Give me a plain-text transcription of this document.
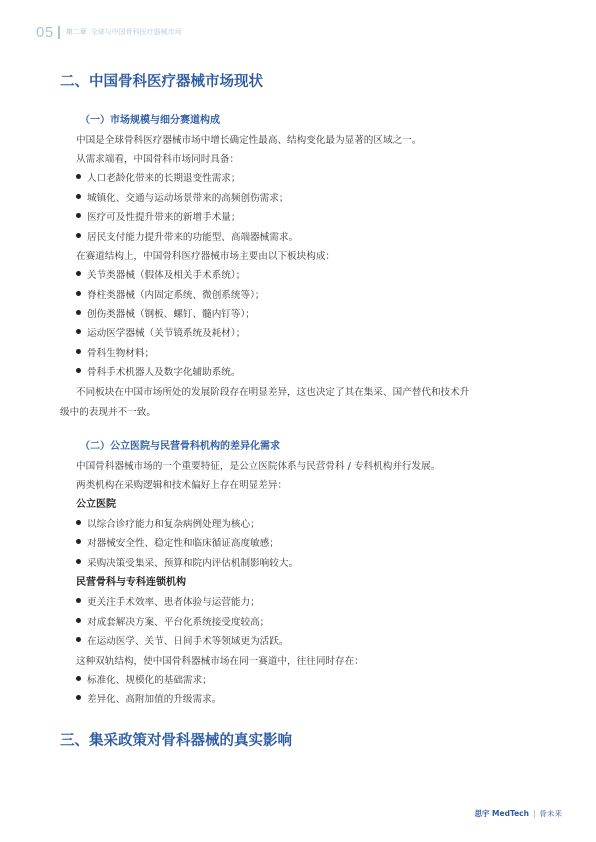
05 第二章 全球与中国骨科医疗器械市场
二、中国骨科医疗器械市场现状
（一）市场规模与细分赛道构成
中国是全球骨科医疗器械市场中增长确定性最高、结构变化最为显著的区域之一。
从需求端看，中国骨科市场同时具备：
人口老龄化带来的长期退变性需求；
城镇化、交通与运动场景带来的高频创伤需求；
医疗可及性提升带来的新增手术量；
居民支付能力提升带来的功能型、高端器械需求。
在赛道结构上，中国骨科医疗器械市场主要由以下板块构成：
关节类器械（假体及相关手术系统）；
脊柱类器械（内固定系统、微创系统等）；
创伤类器械（钢板、螺钉、髓内钉等）；
运动医学器械（关节镜系统及耗材）；
骨科生物材料；
骨科手术机器人及数字化辅助系统。
不同板块在中国市场所处的发展阶段存在明显差异，这也决定了其在集采、国产替代和技术升
级中的表现并不一致。
（二）公立医院与民营骨科机构的差异化需求
中国骨科器械市场的一个重要特征，是公立医院体系与民营骨科 / 专科机构并行发展。
两类机构在采购逻辑和技术偏好上存在明显差异：
公立医院
以综合诊疗能力和复杂病例处理为核心；
对器械安全性、稳定性和临床循证高度敏感；
采购决策受集采、预算和院内评估机制影响较大。
民营骨科与专科连锁机构
更关注手术效率、患者体验与运营能力；
对成套解决方案、平台化系统接受度较高；
在运动医学、关节、日间手术等领域更为活跃。
这种双轨结构，使中国骨科器械市场在同一赛道中，往往同时存在：
标准化、规模化的基础需求；
差异化、高附加值的升级需求。
三、集采政策对骨科器械的真实影响
思宇 MedTech | 骨未来
